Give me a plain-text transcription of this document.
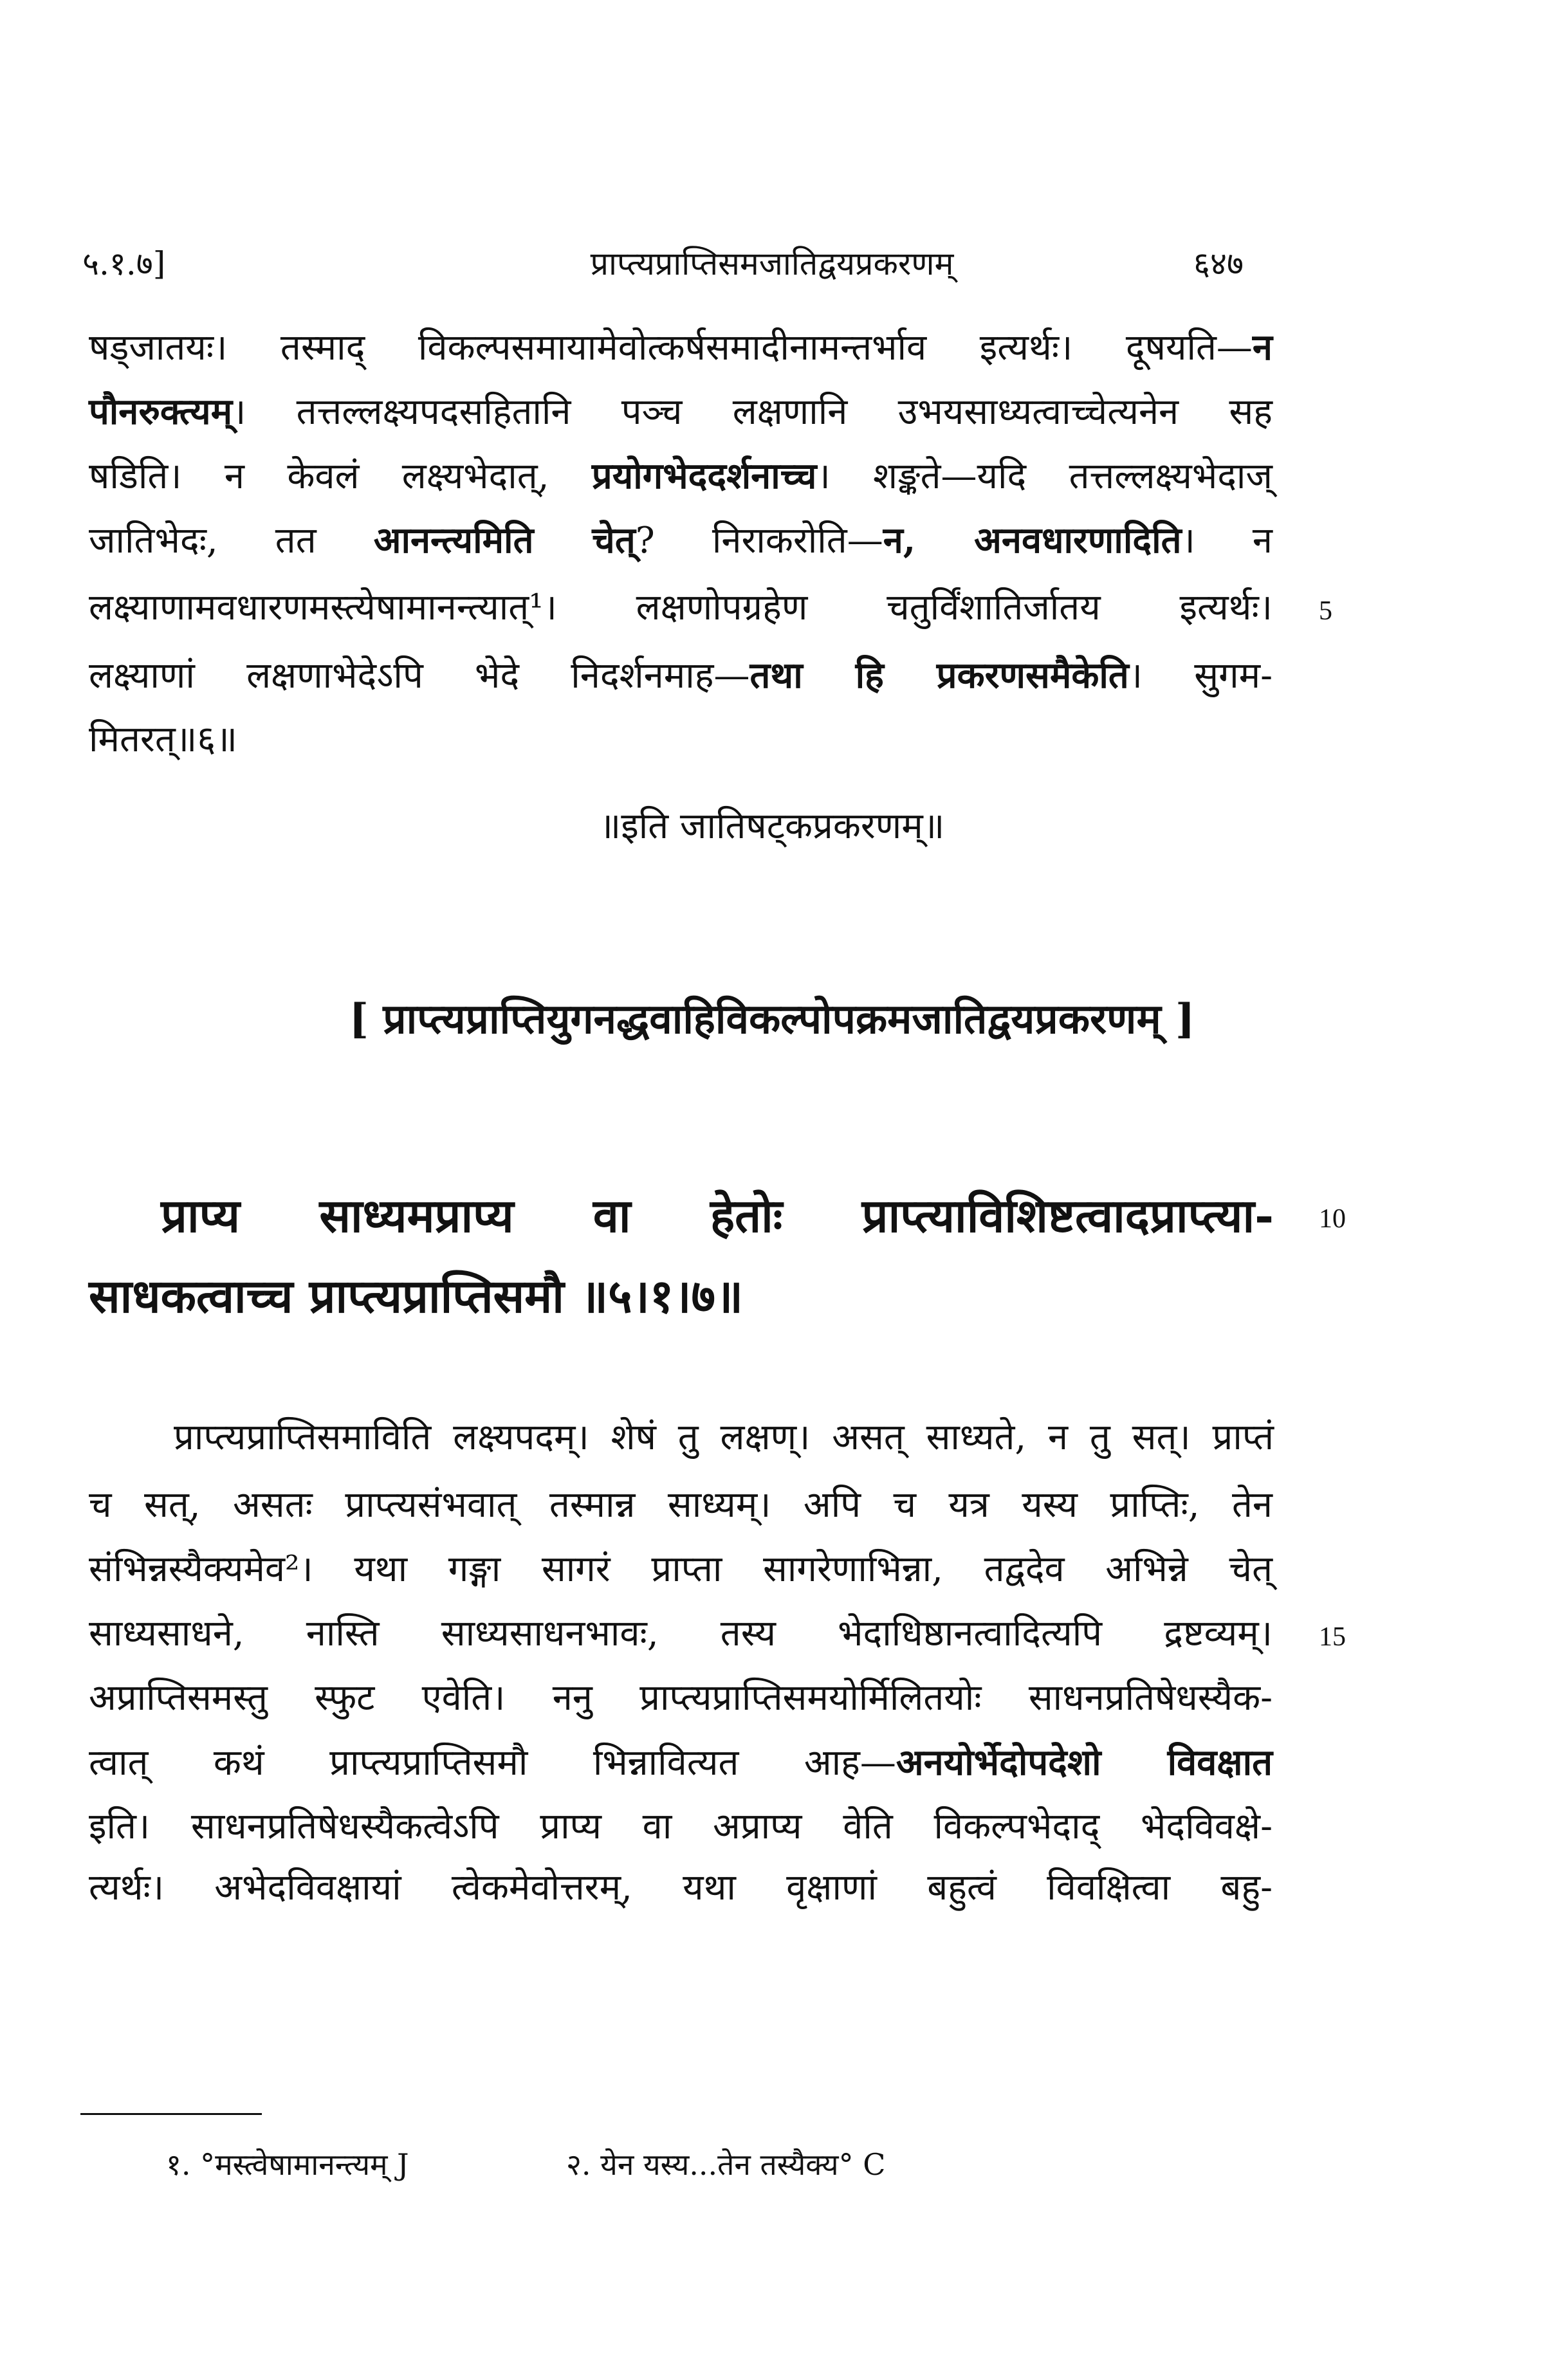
५.१.७]	प्राप्त्यप्राप्तिसमजातिद्वयप्रकरणम्	६४७
षड्जातयः। तस्माद् विकल्पसमायामेवोत्कर्षसमादीनामन्तर्भाव इत्यर्थः। दूषयति—न
पौनरुक्त्यम्। तत्तल्लक्ष्यपदसहितानि पञ्च लक्षणानि उभयसाध्यत्वाच्चेत्यनेन सह
षडिति। न केवलं लक्ष्यभेदात्, प्रयोगभेददर्शनाच्च। शङ्कते—यदि तत्तल्लक्ष्यभेदाज्
जातिभेदः, तत आनन्त्यमिति चेत्? निराकरोति—न, अनवधारणादिति। न
लक्ष्याणामवधारणमस्त्येषामानन्त्यात्¹। लक्षणोपग्रहेण चतुर्विंशातिर्जातय इत्यर्थः।
लक्ष्याणां लक्षणाभेदेऽपि भेदे निदर्शनमाह—तथा हि प्रकरणसमैकेति। सुगम-
मितरत्॥६॥
5
॥इति जातिषट्कप्रकरणम्॥
[ प्राप्त्यप्राप्तियुगनद्धवाहिविकल्पोपक्रमजातिद्वयप्रकरणम् ]
प्राप्य साध्यमप्राप्य वा हेतोः प्राप्त्याविशिष्टत्वादप्राप्त्या-
साधकत्वाच्च प्राप्त्यप्राप्तिसमौ ॥५।१।७॥
10
प्राप्त्यप्राप्तिसमाविति लक्ष्यपदम्। शेषं तु लक्षण्। असत् साध्यते, न तु सत्। प्राप्तं
च सत्, असतः प्राप्त्यसंभवात् तस्मान्न साध्यम्। अपि च यत्र यस्य प्राप्तिः, तेन
संभिन्नस्यैक्यमेव²। यथा गङ्गा सागरं प्राप्ता सागरेणाभिन्ना, तद्वदेव अभिन्ने चेत्
साध्यसाधने, नास्ति साध्यसाधनभावः, तस्य भेदाधिष्ठानत्वादित्यपि द्रष्टव्यम्।
अप्राप्तिसमस्तु स्फुट एवेति। ननु प्राप्त्यप्राप्तिसमयोर्मिलितयोः साधनप्रतिषेधस्यैक-
त्वात् कथं प्राप्त्यप्राप्तिसमौ भिन्नावित्यत आह—अनयोर्भेदोपदेशो विवक्षात
इति। साधनप्रतिषेधस्यैकत्वेऽपि प्राप्य वा अप्राप्य वेति विकल्पभेदाद् भेदविवक्षे-
त्यर्थः। अभेदविवक्षायां त्वेकमेवोत्तरम्, यथा वृक्षाणां बहुत्वं विवक्षित्वा बहु-
15
१. °मस्त्वेषामानन्त्यम् J	२. येन यस्य...तेन तस्यैक्य° C
